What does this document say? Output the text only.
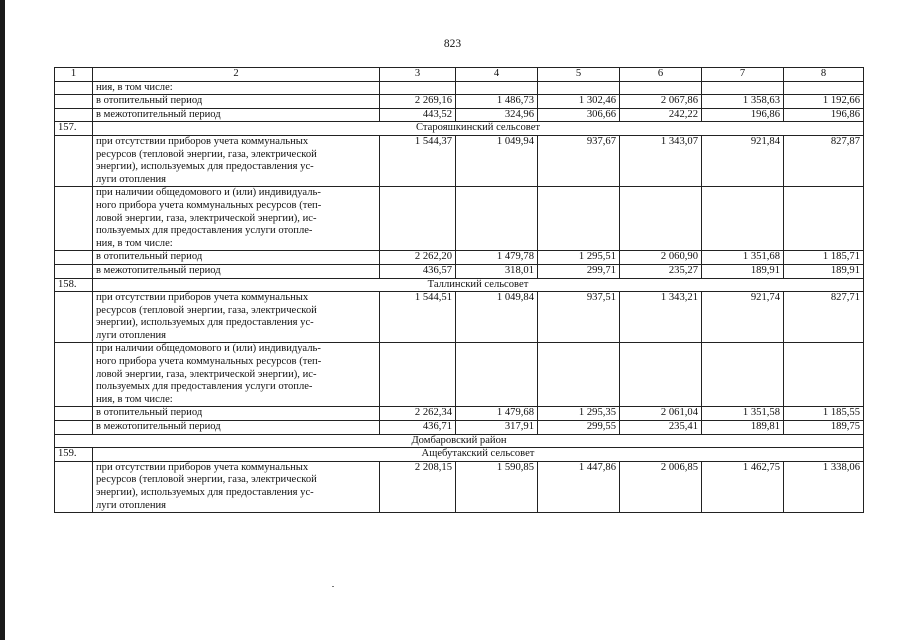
823
1	2	3	4	5	6	7	8

	ния, в том числе:						

	в отопительный период	2 269,16	1 486,73	1 302,46	2 067,86	1 358,63	1 192,66

	в межотопительный период	443,52	324,96	306,66	242,22	196,86	196,86
157.	Старояшкинский сельсовет						

	при отсутствии приборов учета коммунальных
ресурсов (тепловой энергии, газа, электрической
энергии), используемых для предоставления ус-
луги отопления	1 544,37	1 049,94	937,67	1 343,07	921,84	827,87

	при наличии общедомового и (или) индивидуаль-
ного прибора учета коммунальных ресурсов (теп-
ловой энергии, газа, электрической энергии), ис-
пользуемых для предоставления услуги отопле-
ния, в том числе:						

	в отопительный период	2 262,20	1 479,78	1 295,51	2 060,90	1 351,68	1 185,71

	в межотопительный период	436,57	318,01	299,71	235,27	189,91	189,91
158.	Таллинский сельсовет						

	при отсутствии приборов учета коммунальных
ресурсов (тепловой энергии, газа, электрической
энергии), используемых для предоставления ус-
луги отопления	1 544,51	1 049,84	937,51	1 343,21	921,74	827,71

	при наличии общедомового и (или) индивидуаль-
ного прибора учета коммунальных ресурсов (теп-
ловой энергии, газа, электрической энергии), ис-
пользуемых для предоставления услуги отопле-
ния, в том числе:						

	в отопительный период	2 262,34	1 479,68	1 295,35	2 061,04	1 351,58	1 185,55

	в межотопительный период	436,71	317,91	299,55	235,41	189,81	189,75
Домбаровский район							
159.	Ащебутакский сельсовет						

	при отсутствии приборов учета коммунальных
ресурсов (тепловой энергии, газа, электрической
энергии), используемых для предоставления ус-
луги отопления	2 208,15	1 590,85	1 447,86	2 006,85	1 462,75	1 338,06
